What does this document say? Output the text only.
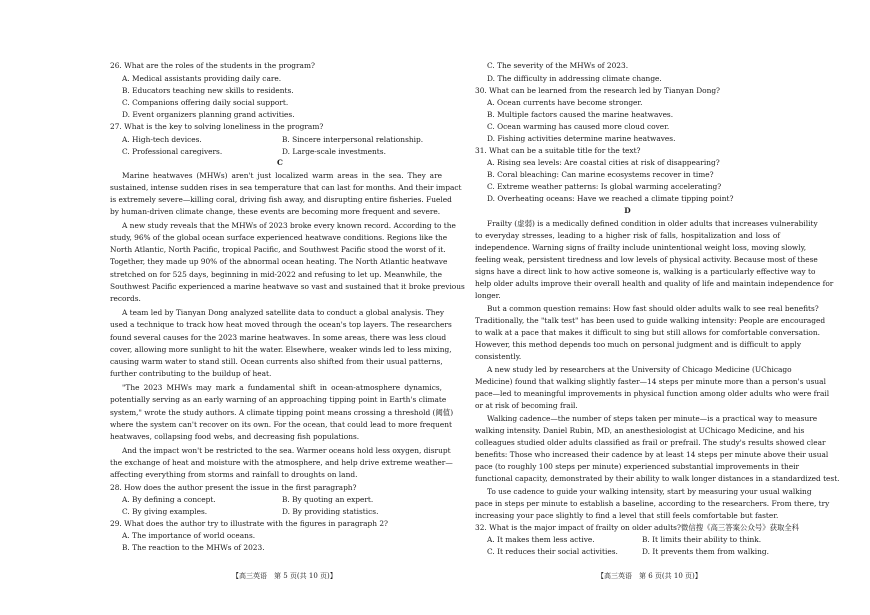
26. What are the roles of the students in the program?
A. Medical assistants providing daily care.
B. Educators teaching new skills to residents.
C. Companions offering daily social support.
D. Event organizers planning grand activities.
27. What is the key to solving loneliness in the program?
A. High-tech devices.	B. Sincere interpersonal relationship.
C. Professional caregivers.	D. Large-scale investments.
C
Marine heatwaves (MHWs) aren't just localized warm areas in the sea. They are
sustained, intense sudden rises in sea temperature that can last for months. And their impact
is extremely severe—killing coral, driving fish away, and disrupting entire fisheries. Fueled
by human-driven climate change, these events are becoming more frequent and severe.
A new study reveals that the MHWs of 2023 broke every known record. According to the
study, 96% of the global ocean surface experienced heatwave conditions. Regions like the
North Atlantic, North Pacific, tropical Pacific, and Southwest Pacific stood the worst of it.
Together, they made up 90% of the abnormal ocean heating. The North Atlantic heatwave
stretched on for 525 days, beginning in mid-2022 and refusing to let up. Meanwhile, the
Southwest Pacific experienced a marine heatwave so vast and sustained that it broke previous
records.
A team led by Tianyan Dong analyzed satellite data to conduct a global analysis. They
used a technique to track how heat moved through the ocean's top layers. The researchers
found several causes for the 2023 marine heatwaves. In some areas, there was less cloud
cover, allowing more sunlight to hit the water. Elsewhere, weaker winds led to less mixing,
causing warm water to stand still. Ocean currents also shifted from their usual patterns,
further contributing to the buildup of heat.
"The 2023 MHWs may mark a fundamental shift in ocean-atmosphere dynamics,
potentially serving as an early warning of an approaching tipping point in Earth's climate
system," wrote the study authors. A climate tipping point means crossing a threshold (阈值)
where the system can't recover on its own. For the ocean, that could lead to more frequent
heatwaves, collapsing food webs, and decreasing fish populations.
And the impact won't be restricted to the sea. Warmer oceans hold less oxygen, disrupt
the exchange of heat and moisture with the atmosphere, and help drive extreme weather—
affecting everything from storms and rainfall to droughts on land.
28. How does the author present the issue in the first paragraph?
A. By defining a concept.	B. By quoting an expert.
C. By giving examples.	D. By providing statistics.
29. What does the author try to illustrate with the figures in paragraph 2?
A. The importance of world oceans.
B. The reaction to the MHWs of 2023.
【高三英语　第 5 页(共 10 页)】
C. The severity of the MHWs of 2023.
D. The difficulty in addressing climate change.
30. What can be learned from the research led by Tianyan Dong?
A. Ocean currents have become stronger.
B. Multiple factors caused the marine heatwaves.
C. Ocean warming has caused more cloud cover.
D. Fishing activities determine marine heatwaves.
31. What can be a suitable title for the text?
A. Rising sea levels: Are coastal cities at risk of disappearing?
B. Coral bleaching: Can marine ecosystems recover in time?
C. Extreme weather patterns: Is global warming accelerating?
D. Overheating oceans: Have we reached a climate tipping point?
D
Frailty (虚弱) is a medically defined condition in older adults that increases vulnerability
to everyday stresses, leading to a higher risk of falls, hospitalization and loss of
independence. Warning signs of frailty include unintentional weight loss, moving slowly,
feeling weak, persistent tiredness and low levels of physical activity. Because most of these
signs have a direct link to how active someone is, walking is a particularly effective way to
help older adults improve their overall health and quality of life and maintain independence for
longer.
But a common question remains: How fast should older adults walk to see real benefits?
Traditionally, the "talk test" has been used to guide walking intensity: People are encouraged
to walk at a pace that makes it difficult to sing but still allows for comfortable conversation.
However, this method depends too much on personal judgment and is difficult to apply
consistently.
A new study led by researchers at the University of Chicago Medicine (UChicago
Medicine) found that walking slightly faster—14 steps per minute more than a person's usual
pace—led to meaningful improvements in physical function among older adults who were frail
or at risk of becoming frail.
Walking cadence—the number of steps taken per minute—is a practical way to measure
walking intensity. Daniel Rubin, MD, an anesthesiologist at UChicago Medicine, and his
colleagues studied older adults classified as frail or prefrail. The study's results showed clear
benefits: Those who increased their cadence by at least 14 steps per minute above their usual
pace (to roughly 100 steps per minute) experienced substantial improvements in their
functional capacity, demonstrated by their ability to walk longer distances in a standardized test.
To use cadence to guide your walking intensity, start by measuring your usual walking
pace in steps per minute to establish a baseline, according to the researchers. From there, try
increasing your pace slightly to find a level that still feels comfortable but faster.
32. What is the major impact of frailty on older adults?微信搜《高三答案公众号》获取全科
A. It makes them less active.	B. It limits their ability to think.
C. It reduces their social activities.	D. It prevents them from walking.
【高三英语　第 6 页(共 10 页)】
